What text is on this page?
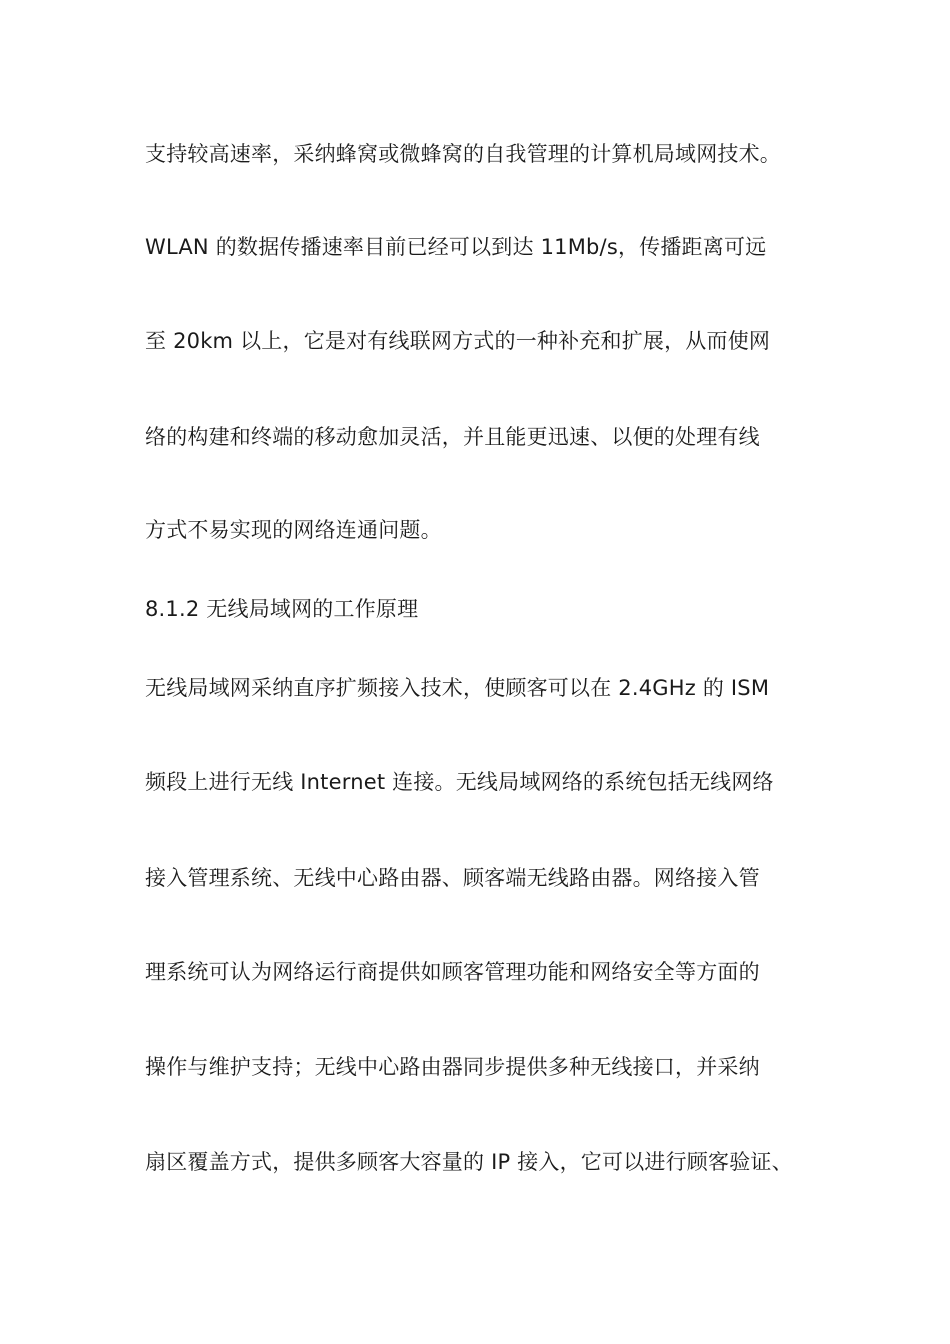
支持较高速率，采纳蜂窝或微蜂窝的自我管理的计算机局域网技术。
WLAN 的数据传播速率目前已经可以到达 11Mb/s，传播距离可远
至 20km 以上，它是对有线联网方式的一种补充和扩展，从而使网
络的构建和终端的移动愈加灵活，并且能更迅速、以便的处理有线
方式不易实现的网络连通问题。
8.1.2 无线局域网的工作原理
无线局域网采纳直序扩频接入技术，使顾客可以在 2.4GHz 的 ISM
频段上进行无线 Internet 连接。无线局域网络的系统包括无线网络
接入管理系统、无线中心路由器、顾客端无线路由器。网络接入管
理系统可认为网络运行商提供如顾客管理功能和网络安全等方面的
操作与维护支持；无线中心路由器同步提供多种无线接口，并采纳
扇区覆盖方式，提供多顾客大容量的 IP 接入，它可以进行顾客验证、
